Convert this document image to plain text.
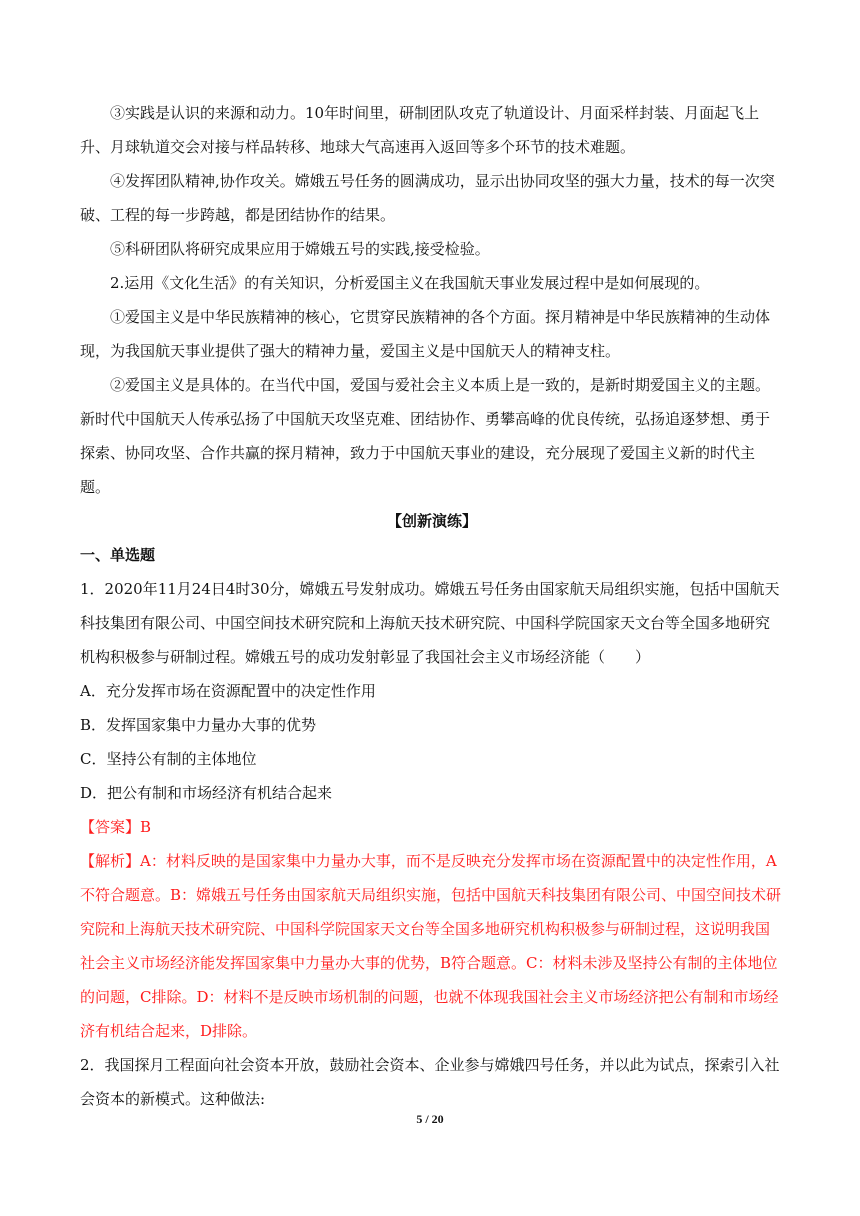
③实践是认识的来源和动力。10年时间里，研制团队攻克了轨道设计、月面采样封装、月面起飞上升、月球轨道交会对接与样品转移、地球大气高速再入返回等多个环节的技术难题。

④发挥团队精神,协作攻关。嫦娥五号任务的圆满成功，显示出协同攻坚的强大力量，技术的每一次突破、工程的每一步跨越，都是团结协作的结果。

⑤科研团队将研究成果应用于嫦娥五号的实践,接受检验。

2.运用《文化生活》的有关知识，分析爱国主义在我国航天事业发展过程中是如何展现的。

①爱国主义是中华民族精神的核心，它贯穿民族精神的各个方面。探月精神是中华民族精神的生动体现，为我国航天事业提供了强大的精神力量，爱国主义是中国航天人的精神支柱。

②爱国主义是具体的。在当代中国，爱国与爱社会主义本质上是一致的，是新时期爱国主义的主题。新时代中国航天人传承弘扬了中国航天攻坚克难、团结协作、勇攀高峰的优良传统，弘扬追逐梦想、勇于探索、协同攻坚、合作共赢的探月精神，致力于中国航天事业的建设，充分展现了爱国主义新的时代主题。

【创新演练】

一、单选题

1．2020年11月24日4时30分，嫦娥五号发射成功。嫦娥五号任务由国家航天局组织实施，包括中国航天科技集团有限公司、中国空间技术研究院和上海航天技术研究院、中国科学院国家天文台等全国多地研究机构积极参与研制过程。嫦娥五号的成功发射彰显了我国社会主义市场经济能（　　）

A．充分发挥市场在资源配置中的决定性作用

B．发挥国家集中力量办大事的优势

C．坚持公有制的主体地位

D．把公有制和市场经济有机结合起来

【答案】B

【解析】A：材料反映的是国家集中力量办大事，而不是反映充分发挥市场在资源配置中的决定性作用，A不符合题意。B：嫦娥五号任务由国家航天局组织实施，包括中国航天科技集团有限公司、中国空间技术研究院和上海航天技术研究院、中国科学院国家天文台等全国多地研究机构积极参与研制过程，这说明我国社会主义市场经济能发挥国家集中力量办大事的优势，B符合题意。C：材料未涉及坚持公有制的主体地位的问题，C排除。D：材料不是反映市场机制的问题，也就不体现我国社会主义市场经济把公有制和市场经济有机结合起来，D排除。

2．我国探月工程面向社会资本开放，鼓励社会资本、企业参与嫦娥四号任务，并以此为试点，探索引入社会资本的新模式。这种做法:

5 / 20
